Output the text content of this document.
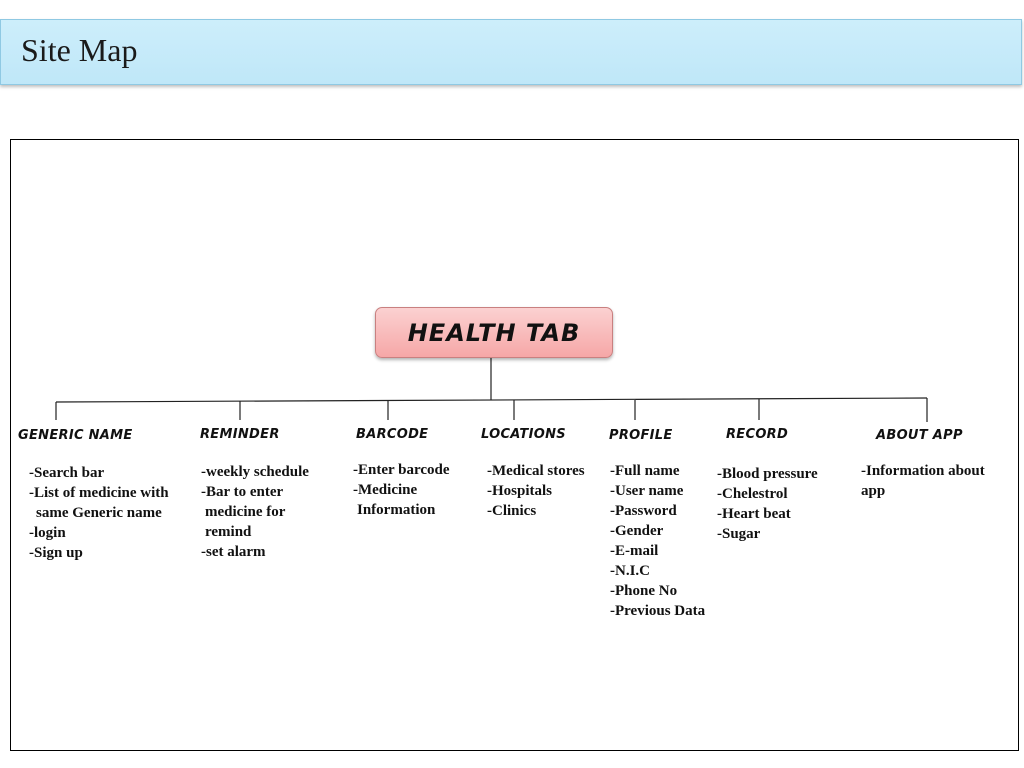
Site Map
HEALTH TAB
GENERIC NAME	REMINDER	BARCODE	LOCATIONS	PROFILE	RECORD	ABOUT APP
-Search bar
-List of medicine with
same Generic name
-login
-Sign up
-weekly schedule
-Bar to enter
medicine for
remind
-set alarm
-Enter barcode
-Medicine
Information
-Medical stores
-Hospitals
-Clinics
-Full name
-User name
-Password
-Gender
-E-mail
-N.I.C
-Phone No
-Previous Data
-Blood pressure
-Chelestrol
-Heart beat
-Sugar
-Information about
app
